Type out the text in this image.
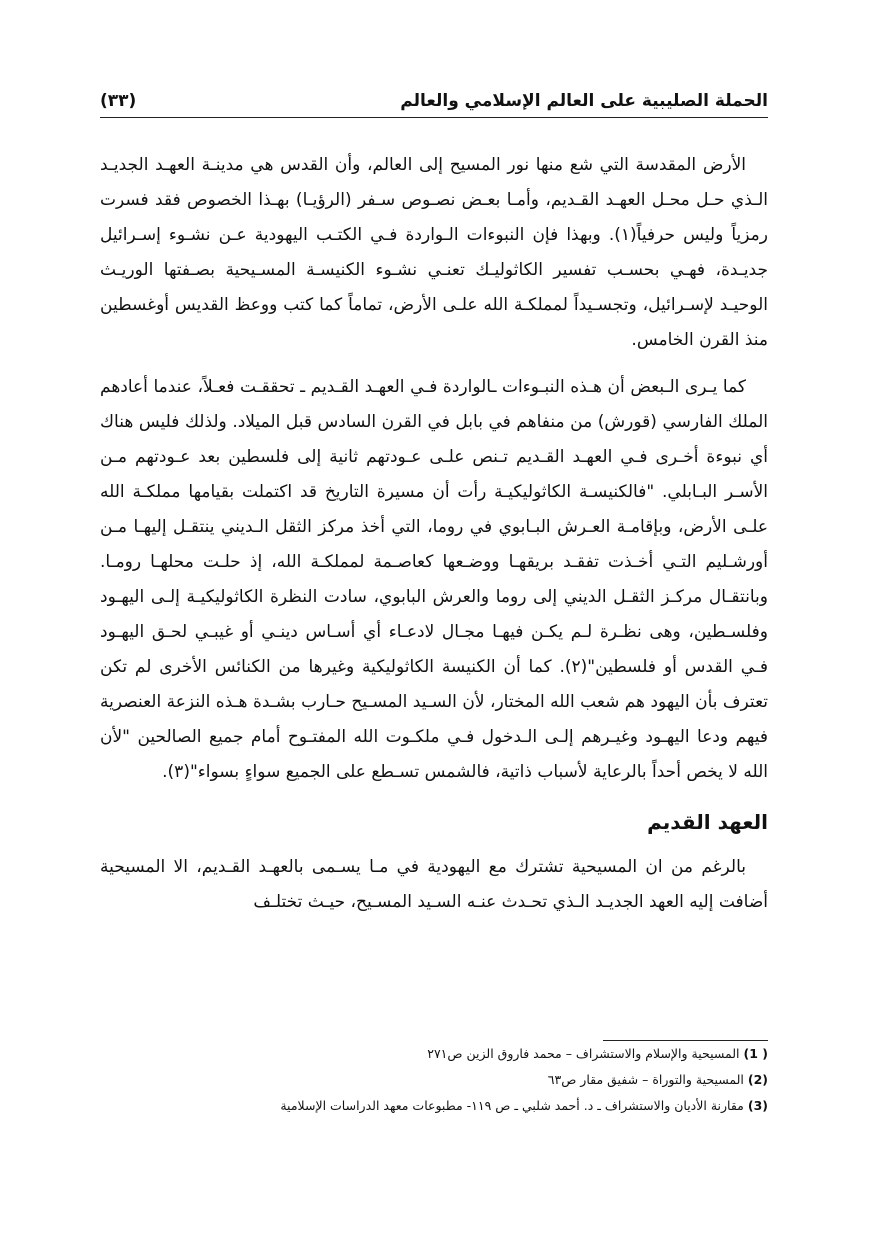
الحملة الصليبية على العالم الإسلامي والعالم
(٣٣)

الأرض المقدسة التي شع منها نور المسيح إلى العالم، وأن القدس هي مدينـة العهـد الجديـد الـذي حـل محـل العهـد القـديم، وأمـا بعـض نصـوص سـفر (الرؤيـا) بهـذا الخصوص فقد فسرت رمزياً وليس حرفياً(١). وبهذا فإن النبوءات الـواردة فـي الكتـب اليهودية عـن نشـوء إسـرائيل جديـدة، فهـي بحسـب تفسير الكاثوليـك تعنـي نشـوء الكنيسـة المسـيحية بصـفتها الوريـث الوحيـد لإسـرائيل، وتجسـيداً لمملكـة الله علـى الأرض، تماماً كما كتب ووعظ القديس أوغسطين منذ القرن الخامس.

كما يـرى الـبعض أن هـذه النبـوءات ـالواردة فـي العهـد القـديم ـ تحققـت فعـلاً، عندما أعادهم الملك الفارسي (قورش) من منفاهم في بابل في القرن السادس قبل الميلاد. ولذلك فليس هناك أي نبوءة أخـرى فـي العهـد القـديم تـنص علـى عـودتهم ثانية إلى فلسطين بعد عـودتهم مـن الأسـر البـابلي. "فالكنيسـة الكاثوليكيـة رأت أن مسيرة التاريخ قد اكتملت بقيامها مملكـة الله علـى الأرض، وبإقامـة العـرش البـابوي في روما، التي أخذ مركز الثقل الـديني ينتقـل إليهـا مـن أورشـليم التـي أخـذت تفقـد بريقهـا ووضـعها كعاصـمة لمملكـة الله، إذ حلـت محلهـا رومـا. وبانتقـال مركـز الثقـل الديني إلى روما والعرش البابوي، سادت النظرة الكاثوليكيـة إلـى اليهـود وفلسـطين، وهى نظـرة لـم يكـن فيهـا مجـال لادعـاء أي أسـاس دينـي أو غيبـي لحـق اليهـود فـي القدس أو فلسطين"(٢). كما أن الكنيسة الكاثوليكية وغيرها من الكنائس الأخرى لم تكن تعترف بأن اليهود هم شعب الله المختار، لأن السـيد المسـيح حـارب بشـدة هـذه النزعة العنصرية فيهم ودعا اليهـود وغيـرهم إلـى الـدخول فـي ملكـوت الله المفتـوح أمام جميع الصالحين "لأن الله لا يخص أحداً بالرعاية لأسباب ذاتية، فالشمس تسـطع على الجميع سواءٍ بسواء"(٣).

العهد القديم

بالرغم من ان المسيحية تشترك مع اليهودية في مـا يسـمى بالعهـد القـديم، الا المسيحية أضافت إليه العهد الجديـد الـذي تحـدث عنـه السـيد المسـيح، حيـث تختلـف

( 1) المسيحية والإسلام والاستشراف – محمد فاروق الزين ص٢٧١

(2) المسيحية والتوراة – شفيق مقار ص٦٣

(3) مقارنة الأديان والاستشراف ـ د. أحمد شلبي ـ ص ١١٩- مطبوعات معهد الدراسات الإسلامية
